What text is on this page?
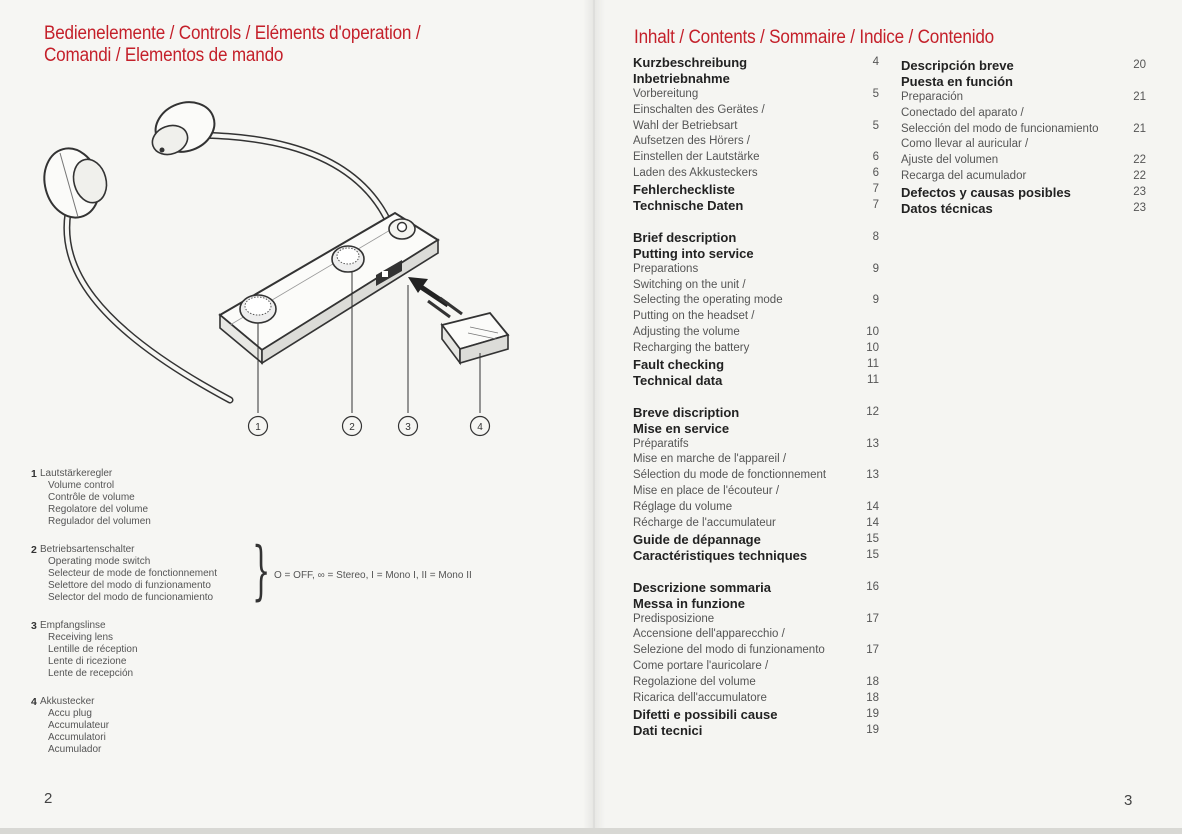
Bedienelemente / Controls / Eléments d'operation /
Comandi / Elementos de mando
1	2	3	4
1 Lautstärkeregler
Volume control
Contrôle de volume
Regolatore del volume
Regulador del volumen
2 Betriebsartenschalter
Operating mode switch
Selecteur de mode de fonctionnement
Selettore del modo di funzionamento
Selector del modo de funcionamiento
3 Empfangslinse
Receiving lens
Lentille de réception
Lente di ricezione
Lente de recepción
4 Akkustecker
Accu plug
Accumulateur
Accumulatori
Acumulador
} O = OFF, ∞ = Stereo, I = Mono I, II = Mono II
2
Inhalt / Contents / Sommaire / Indice / Contenido
Kurzbeschreibung	4
Inbetriebnahme
Vorbereitung	5
Einschalten des Gerätes /
Wahl der Betriebsart	5
Aufsetzen des Hörers /
Einstellen der Lautstärke	6
Laden des Akkusteckers	6
Fehlercheckliste	7
Technische Daten	7
Brief description	8
Putting into service
Preparations	9
Switching on the unit /
Selecting the operating mode	9
Putting on the headset /
Adjusting the volume	10
Recharging the battery	10
Fault checking	11
Technical data	11
Breve discription	12
Mise en service
Préparatifs	13
Mise en marche de l'appareil /
Sélection du mode de fonctionnement	13
Mise en place de l'écouteur /
Réglage du volume	14
Récharge de l'accumulateur	14
Guide de dépannage	15
Caractéristiques techniques	15
Descrizione sommaria	16
Messa in funzione
Predisposizione	17
Accensione dell'apparecchio /
Selezione del modo di funzionamento	17
Come portare l'auricolare /
Regolazione del volume	18
Ricarica dell'accumulatore	18
Difetti e possibili cause	19
Dati tecnici	19
Descripción breve	20
Puesta en función
Preparación	21
Conectado del aparato /
Selección del modo de funcionamiento	21
Como llevar al auricular /
Ajuste del volumen	22
Recarga del acumulador	22
Defectos y causas posibles	23
Datos técnicas	23
3
